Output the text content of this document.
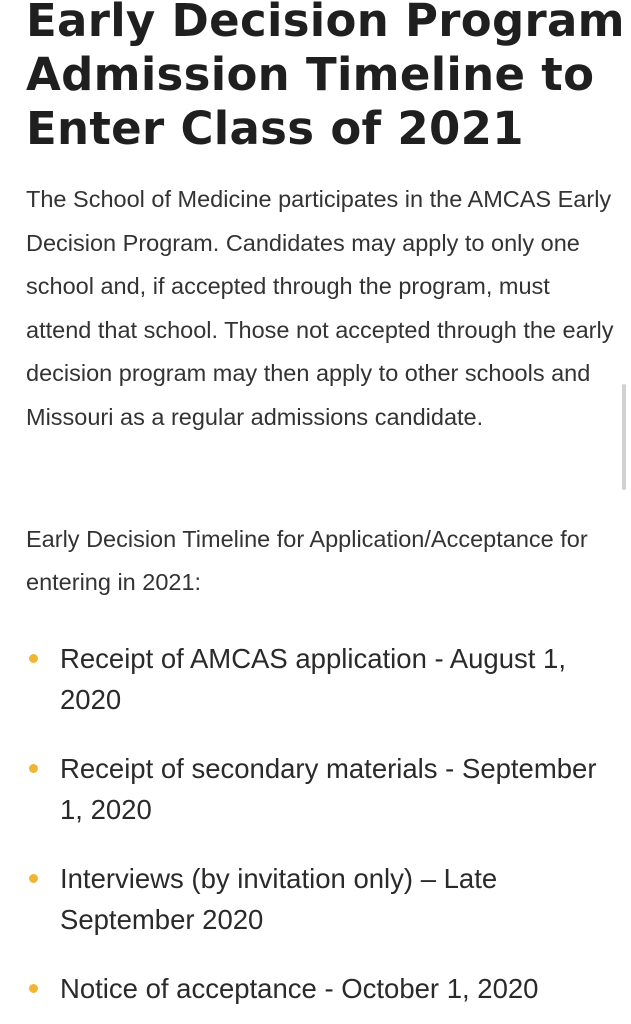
Early Decision Program Admission Timeline to Enter Class of 2021

The School of Medicine participates in the AMCAS Early Decision Program. Candidates may apply to only one school and, if accepted through the program, must attend that school. Those not accepted through the early decision program may then apply to other schools and Missouri as a regular admissions candidate.

Early Decision Timeline for Application/Acceptance for entering in 2021:

Receipt of AMCAS application - August 1, 2020
Receipt of secondary materials - September 1, 2020
Interviews (by invitation only) – Late September 2020
Notice of acceptance - October 1, 2020
